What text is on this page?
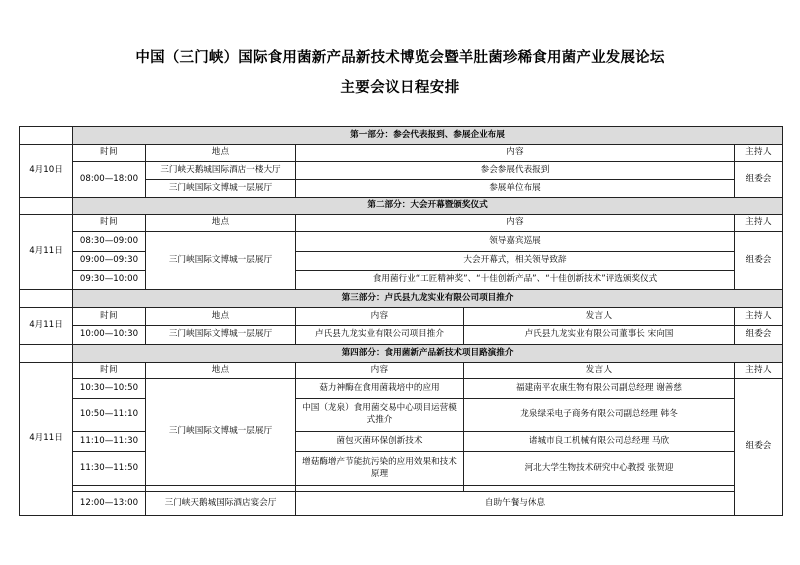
中国（三门峡）国际食用菌新产品新技术博览会暨羊肚菌珍稀食用菌产业发展论坛
主要会议日程安排
	第一部分：参会代表报到、参展企业布展				
4月10日	时间	地点	内容		主持人
	08:00—18:00	三门峡天鹅城国际酒店一楼大厅	参会参展代表报到		组委会
		三门峡国际文博城一层展厅	参展单位布展		
	第二部分：大会开幕暨颁奖仪式				
4月11日	时间	地点	内容		主持人
	08:30—09:00	三门峡国际文博城一层展厅	领导嘉宾巡展		组委会
	09:00—09:30		大会开幕式，相关领导致辞		
	09:30—10:00		食用菌行业“工匠精神奖”、“十佳创新产品”、“十佳创新技术”评选颁奖仪式		
	第三部分：卢氏县九龙实业有限公司项目推介				
4月11日	时间	地点	内容	发言人	主持人
	10:00—10:30	三门峡国际文博城一层展厅	卢氏县九龙实业有限公司项目推介	卢氏县九龙实业有限公司董事长 宋向国	组委会
	第四部分：食用菌新产品新技术项目路演推介				
4月11日	时间	地点	内容	发言人	主持人
	10:30—10:50	三门峡国际文博城一层展厅	菇力神酶在食用菌栽培中的应用	福建南平农康生物有限公司副总经理 谢善慈	组委会
	10:50—11:10		中国（龙泉）食用菌交易中心项目运营模式推介	龙泉绿采电子商务有限公司副总经理 韩冬	
	11:10—11:30		菌包灭菌环保创新技术	诸城市良工机械有限公司总经理 马欣	
	11:30—11:50		增菇酶增产节能抗污染的应用效果和技术原理	河北大学生物技术研究中心教授 张贺迎	

	12:00—13:00	三门峡天鹅城国际酒店宴会厅	自助午餐与休息		
